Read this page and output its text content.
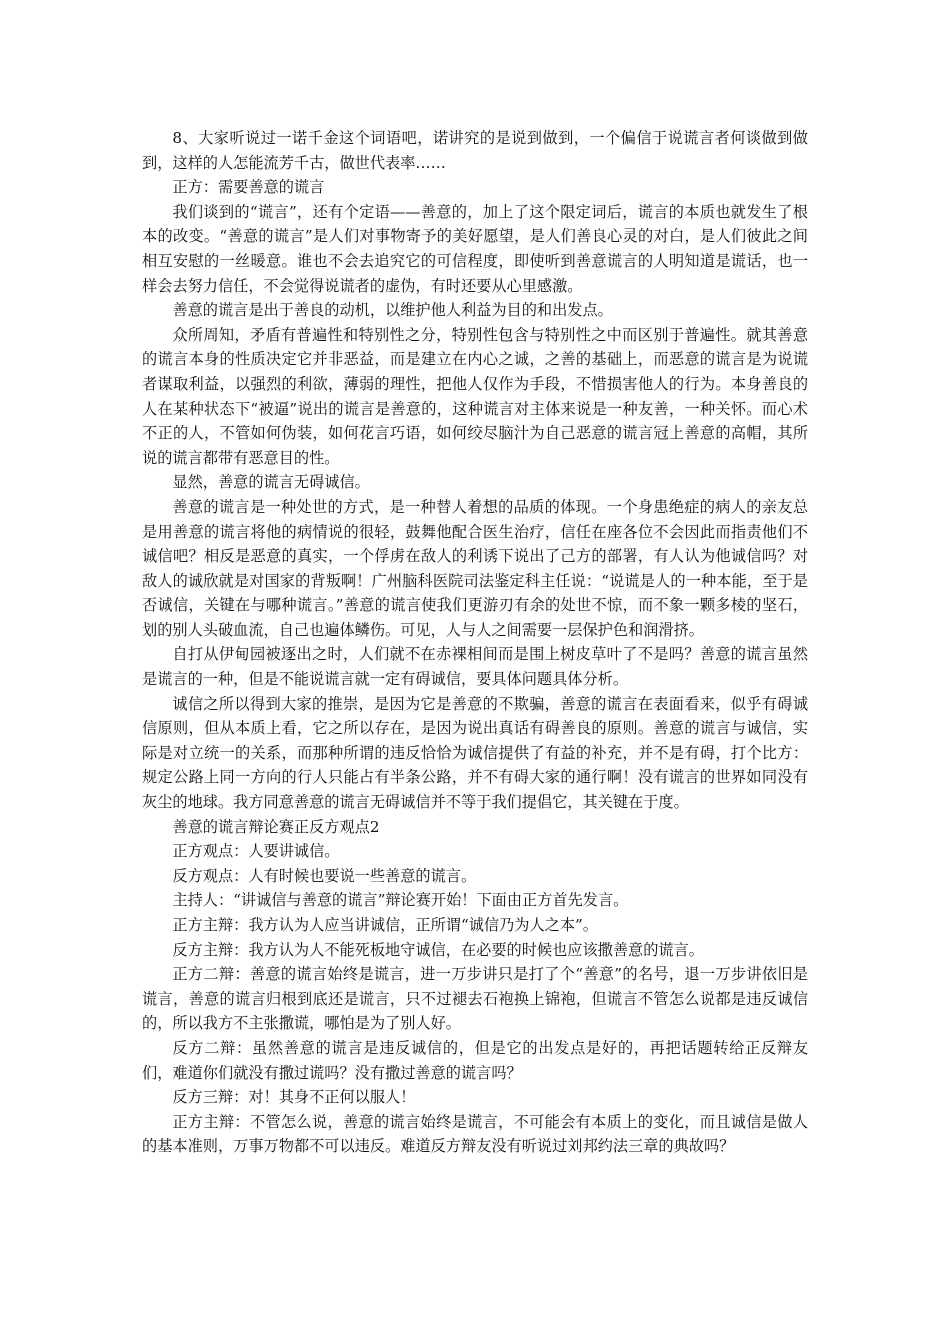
8、大家听说过一诺千金这个词语吧，诺讲究的是说到做到，一个偏信于说谎言者何谈做到做到，这样的人怎能流芳千古，做世代表率……

正方：需要善意的谎言

我们谈到的“谎言”，还有个定语——善意的，加上了这个限定词后，谎言的本质也就发生了根本的改变。“善意的谎言”是人们对事物寄予的美好愿望，是人们善良心灵的对白，是人们彼此之间相互安慰的一丝暖意。谁也不会去追究它的可信程度，即使听到善意谎言的人明知道是谎话，也一样会去努力信任，不会觉得说谎者的虚伪，有时还要从心里感激。

善意的谎言是出于善良的动机，以维护他人利益为目的和出发点。

众所周知，矛盾有普遍性和特别性之分，特别性包含与特别性之中而区别于普遍性。就其善意的谎言本身的性质决定它并非恶益，而是建立在内心之诚，之善的基础上，而恶意的谎言是为说谎者谋取利益，以强烈的利欲，薄弱的理性，把他人仅作为手段，不惜损害他人的行为。本身善良的人在某种状态下“被逼”说出的谎言是善意的，这种谎言对主体来说是一种友善，一种关怀。而心术不正的人，不管如何伪装，如何花言巧语，如何绞尽脑汁为自己恶意的谎言冠上善意的高帽，其所说的谎言都带有恶意目的性。

显然，善意的谎言无碍诚信。

善意的谎言是一种处世的方式，是一种替人着想的品质的体现。一个身患绝症的病人的亲友总是用善意的谎言将他的病情说的很轻，鼓舞他配合医生治疗，信任在座各位不会因此而指责他们不诚信吧？相反是恶意的真实，一个俘虏在敌人的利诱下说出了己方的部署，有人认为他诚信吗？对敌人的诚欣就是对国家的背叛啊！广州脑科医院司法鉴定科主任说：“说谎是人的一种本能，至于是否诚信，关键在与哪种谎言。”善意的谎言使我们更游刃有余的处世不惊，而不象一颗多棱的坚石，划的别人头破血流，自己也遍体鳞伤。可见，人与人之间需要一层保护色和润滑挤。

自打从伊甸园被逐出之时，人们就不在赤裸相间而是围上树皮草叶了不是吗？善意的谎言虽然是谎言的一种，但是不能说谎言就一定有碍诚信，要具体问题具体分析。

诚信之所以得到大家的推崇，是因为它是善意的不欺骗，善意的谎言在表面看来，似乎有碍诚信原则，但从本质上看，它之所以存在，是因为说出真话有碍善良的原则。善意的谎言与诚信，实际是对立统一的关系，而那种所谓的违反恰恰为诚信提供了有益的补充，并不是有碍，打个比方：规定公路上同一方向的行人只能占有半条公路，并不有碍大家的通行啊！没有谎言的世界如同没有灰尘的地球。我方同意善意的谎言无碍诚信并不等于我们提倡它，其关键在于度。

善意的谎言辩论赛正反方观点2

正方观点：人要讲诚信。

反方观点：人有时候也要说一些善意的谎言。

主持人：“讲诚信与善意的谎言”辩论赛开始！下面由正方首先发言。

正方主辩：我方认为人应当讲诚信，正所谓“诚信乃为人之本”。

反方主辩：我方认为人不能死板地守诚信，在必要的时候也应该撒善意的谎言。

正方二辩：善意的谎言始终是谎言，进一万步讲只是打了个“善意”的名号，退一万步讲依旧是谎言，善意的谎言归根到底还是谎言，只不过褪去石袍换上锦袍，但谎言不管怎么说都是违反诚信的，所以我方不主张撒谎，哪怕是为了别人好。

反方二辩：虽然善意的谎言是违反诚信的，但是它的出发点是好的，再把话题转给正反辩友们，难道你们就没有撒过谎吗？没有撒过善意的谎言吗？

反方三辩：对！其身不正何以服人！

正方主辩：不管怎么说，善意的谎言始终是谎言，不可能会有本质上的变化，而且诚信是做人的基本准则，万事万物都不可以违反。难道反方辩友没有听说过刘邦约法三章的典故吗？
